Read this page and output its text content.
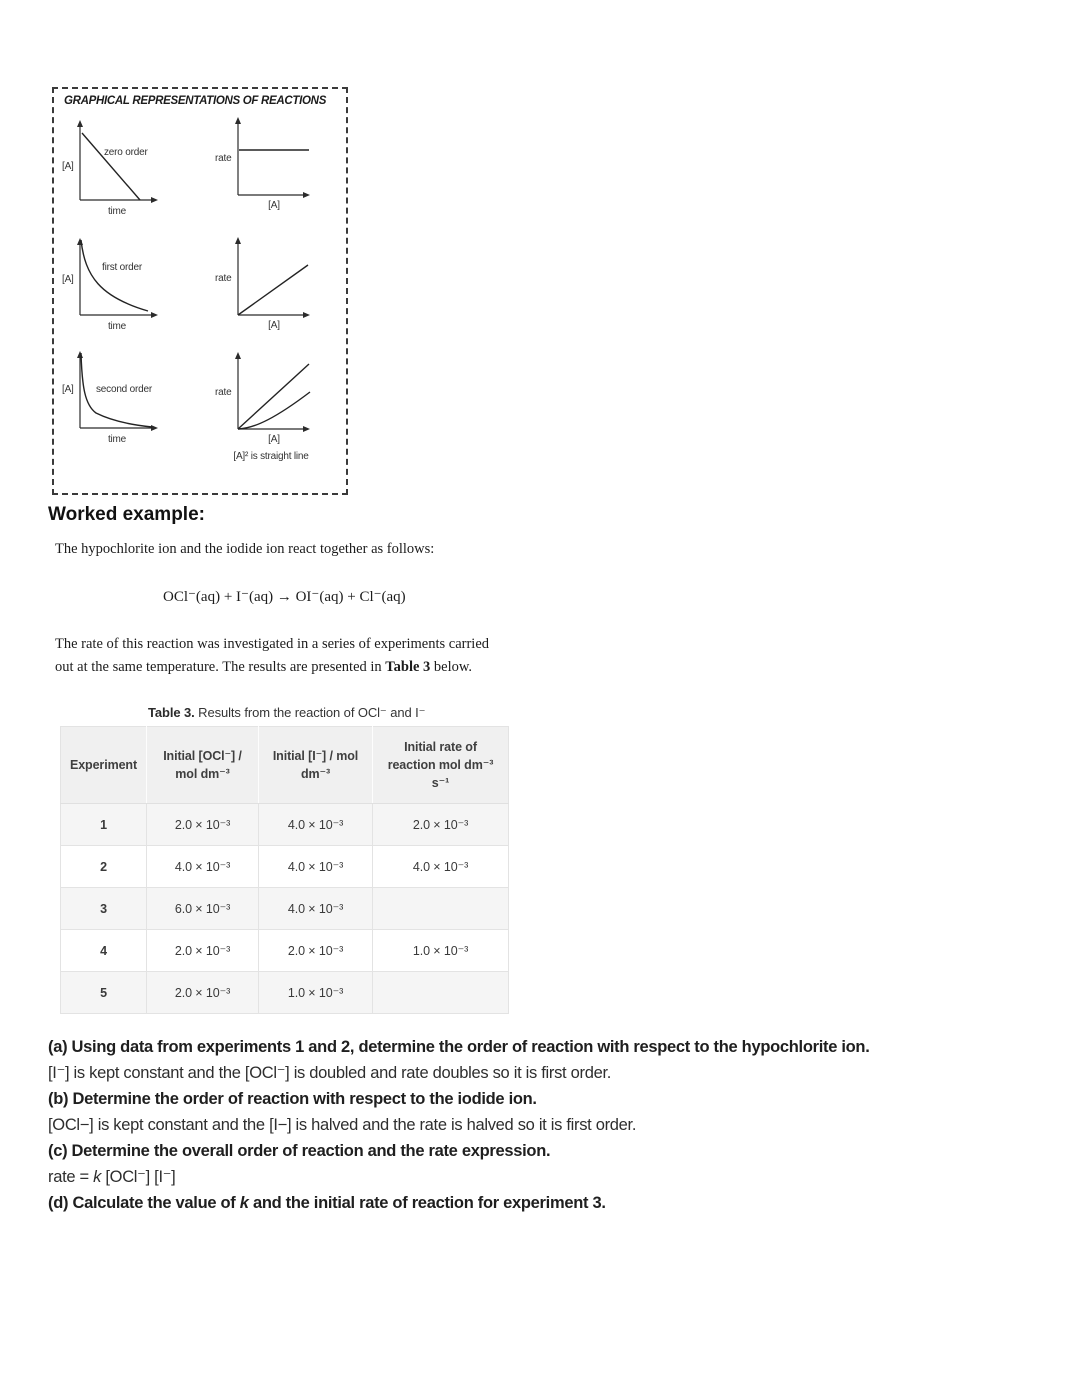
GRAPHICAL REPRESENTATIONS OF REACTIONS
[A]
zero order
time
rate
[A]
[A]
first order
time
rate
[A]
[A] second order
time
rate
[A]
[A]² is straight line
Worked example:

The hypochlorite ion and the iodide ion react together as follows:

OCl⁻(aq) + I⁻(aq) → OI⁻(aq) + Cl⁻(aq)

The rate of this reaction was investigated in a series of experiments carried

out at the same temperature. The results are presented in Table 3 below.

Table 3. Results from the reaction of OCl⁻ and I⁻
Experiment	Initial [OCl⁻] / mol dm⁻³	Initial [I⁻] / mol dm⁻³	Initial rate of reaction mol dm⁻³ s⁻¹
1	2.0 × 10⁻³	4.0 × 10⁻³	2.0 × 10⁻³
2	4.0 × 10⁻³	4.0 × 10⁻³	4.0 × 10⁻³
3	6.0 × 10⁻³	4.0 × 10⁻³	
4	2.0 × 10⁻³	2.0 × 10⁻³	1.0 × 10⁻³
5	2.0 × 10⁻³	1.0 × 10⁻³	

(a) Using data from experiments 1 and 2, determine the order of reaction with respect to the hypochlorite ion.

[I⁻] is kept constant and the [OCl⁻] is doubled and rate doubles so it is first order.

(b) Determine the order of reaction with respect to the iodide ion.

[OCl−] is kept constant and the [I−] is halved and the rate is halved so it is first order.

(c) Determine the overall order of reaction and the rate expression.

rate = k [OCl⁻] [I⁻]

(d) Calculate the value of k and the initial rate of reaction for experiment 3.
